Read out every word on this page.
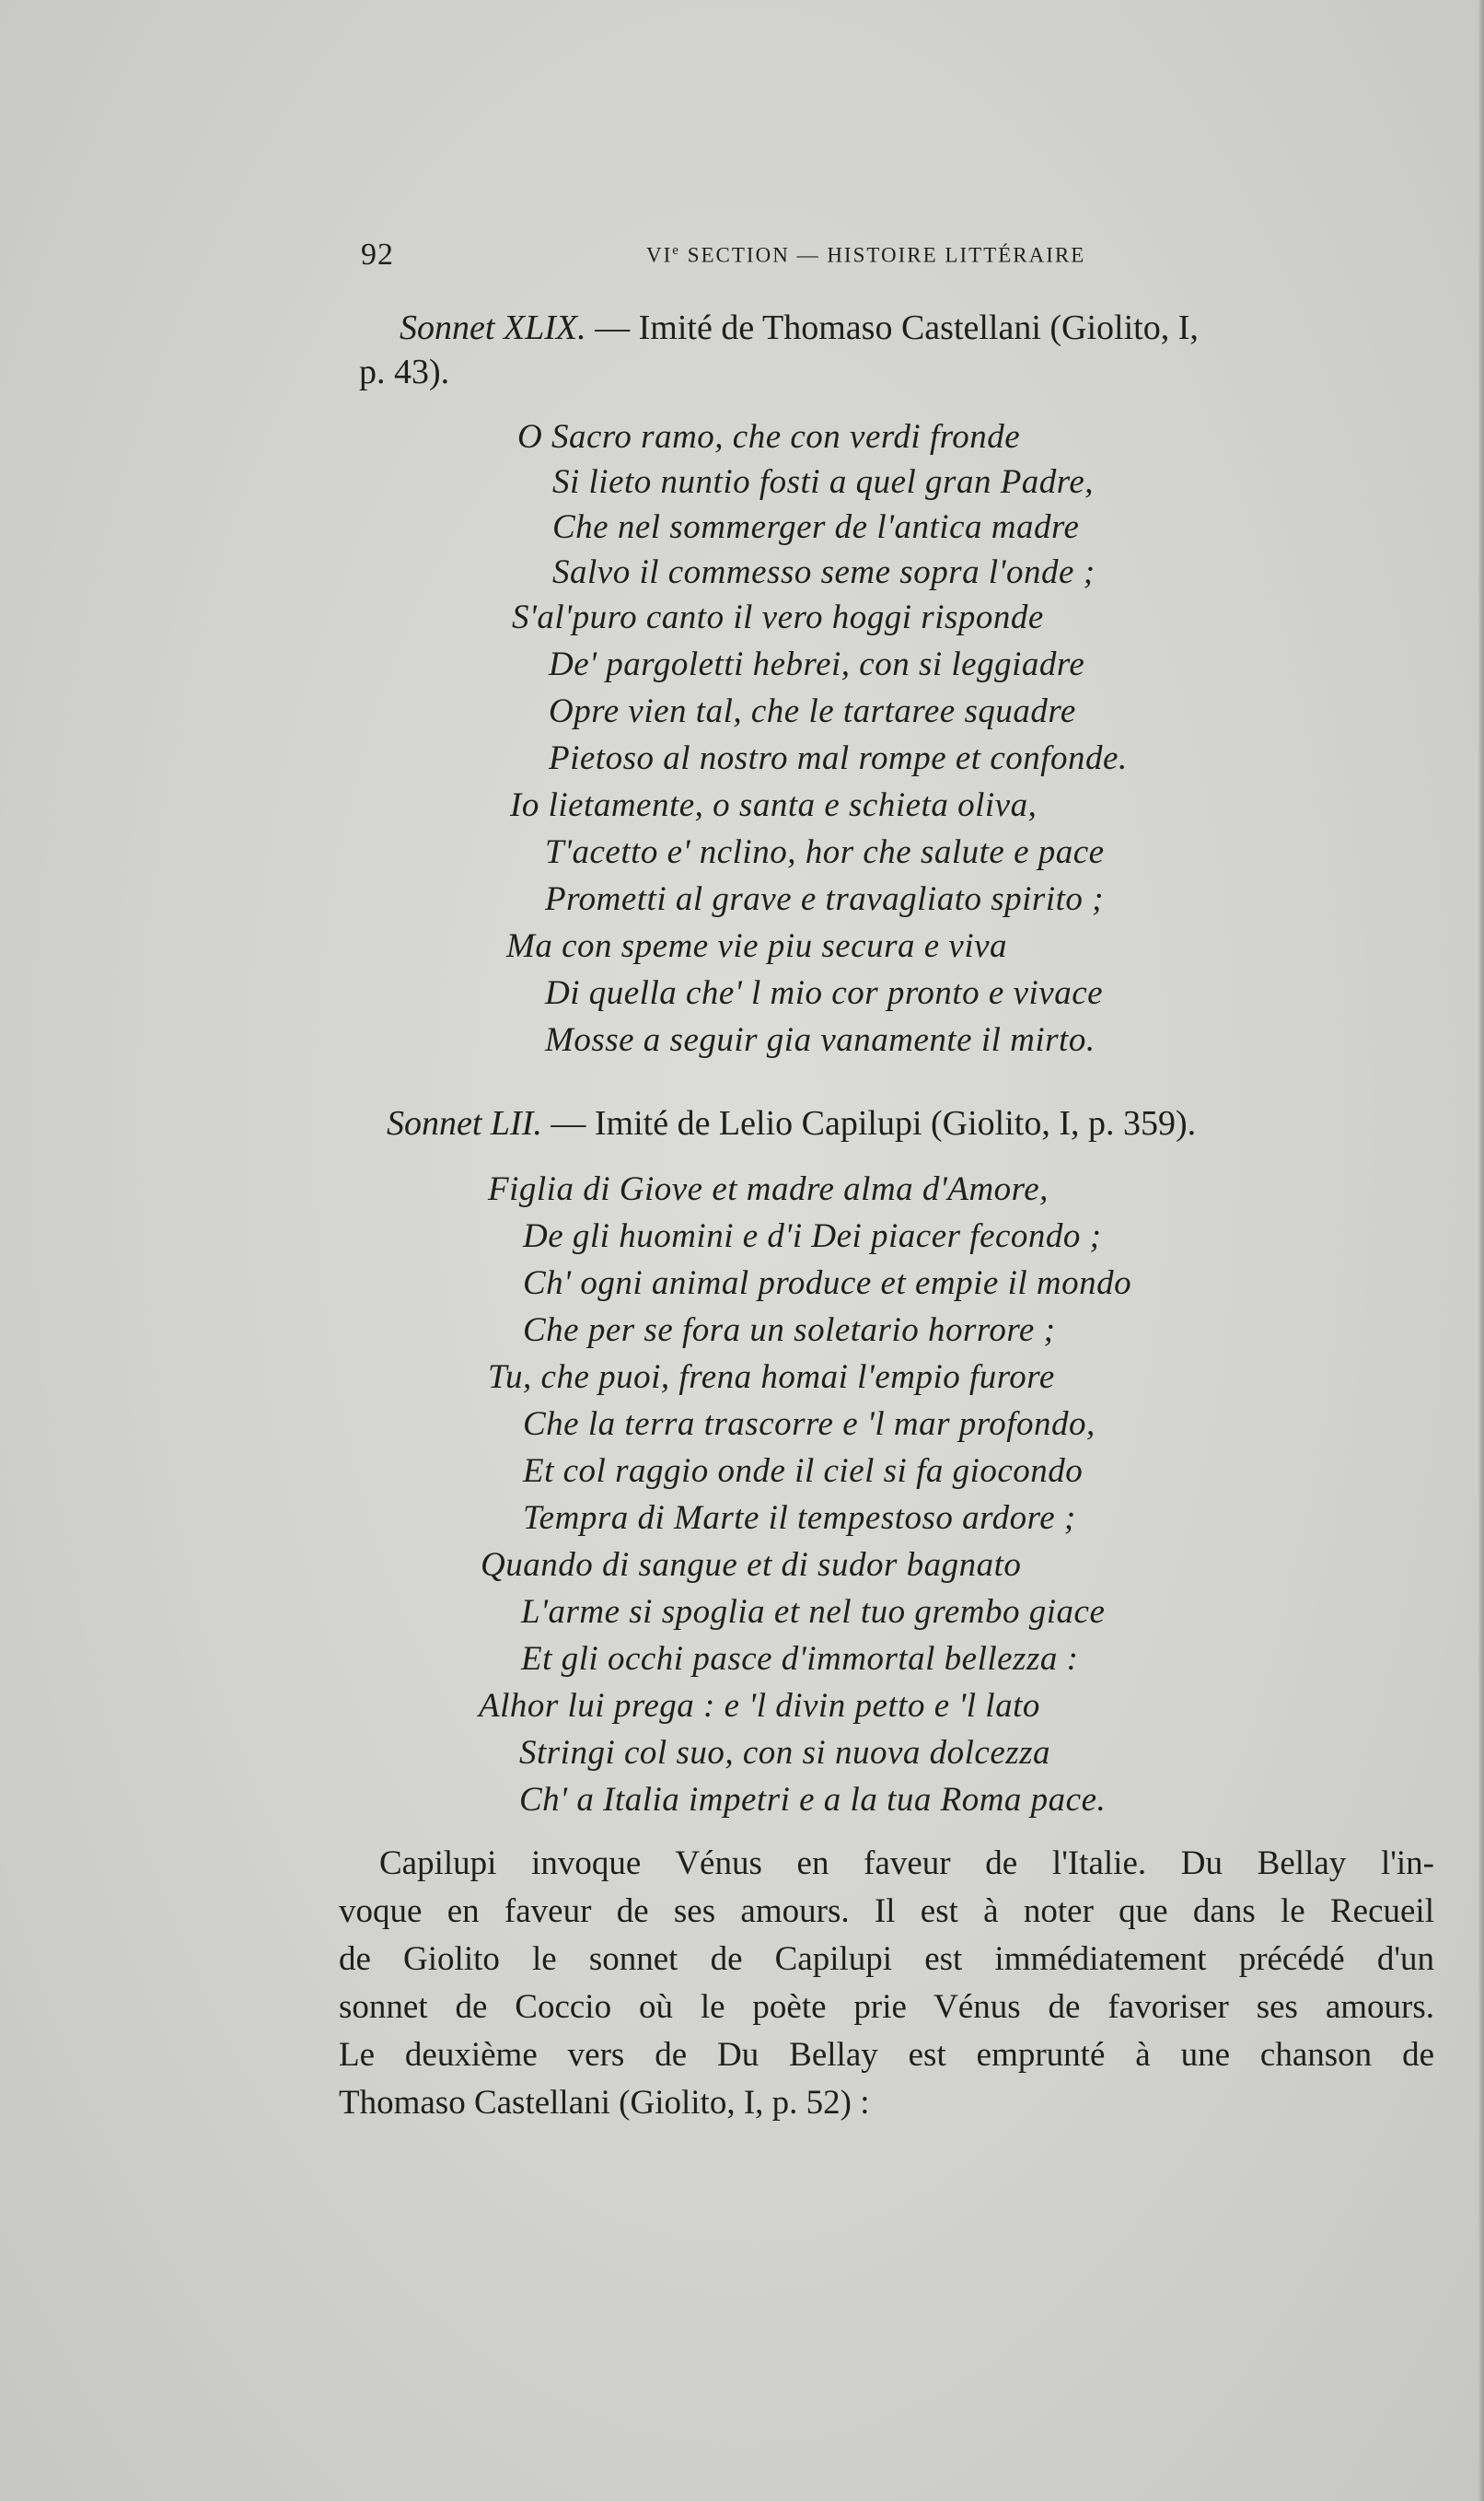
92	VIe SECTION — HISTOIRE LITTÉRAIRE
Sonnet XLIX. — Imité de Thomaso Castellani (Giolito, I,
p. 43).
O Sacro ramo, che con verdi fronde
Si lieto nuntio fosti a quel gran Padre,
Che nel sommerger de l'antica madre
Salvo il commesso seme sopra l'onde ;
S'al'puro canto il vero hoggi risponde
De' pargoletti hebrei, con si leggiadre
Opre vien tal, che le tartaree squadre
Pietoso al nostro mal rompe et confonde.
Io lietamente, o santa e schieta oliva,
T'acetto e' nclino, hor che salute e pace
Prometti al grave e travagliato spirito ;
Ma con speme vie piu secura e viva
Di quella che' l mio cor pronto e vivace
Mosse a seguir gia vanamente il mirto.
Sonnet LII. — Imité de Lelio Capilupi (Giolito, I, p. 359).
Figlia di Giove et madre alma d'Amore,
De gli huomini e d'i Dei piacer fecondo ;
Ch' ogni animal produce et empie il mondo
Che per se fora un soletario horrore ;
Tu, che puoi, frena homai l'empio furore
Che la terra trascorre e 'l mar profondo,
Et col raggio onde il ciel si fa giocondo
Tempra di Marte il tempestoso ardore ;
Quando di sangue et di sudor bagnato
L'arme si spoglia et nel tuo grembo giace
Et gli occhi pasce d'immortal bellezza :
Alhor lui prega : e 'l divin petto e 'l lato
Stringi col suo, con si nuova dolcezza
Ch' a Italia impetri e a la tua Roma pace.
Capilupi invoque Vénus en faveur de l'Italie. Du Bellay l'in-
voque en faveur de ses amours. Il est à noter que dans le Recueil
de Giolito le sonnet de Capilupi est immédiatement précédé d'un
sonnet de Coccio où le poète prie Vénus de favoriser ses amours.
Le deuxième vers de Du Bellay est emprunté à une chanson de
Thomaso Castellani (Giolito, I, p. 52) :
